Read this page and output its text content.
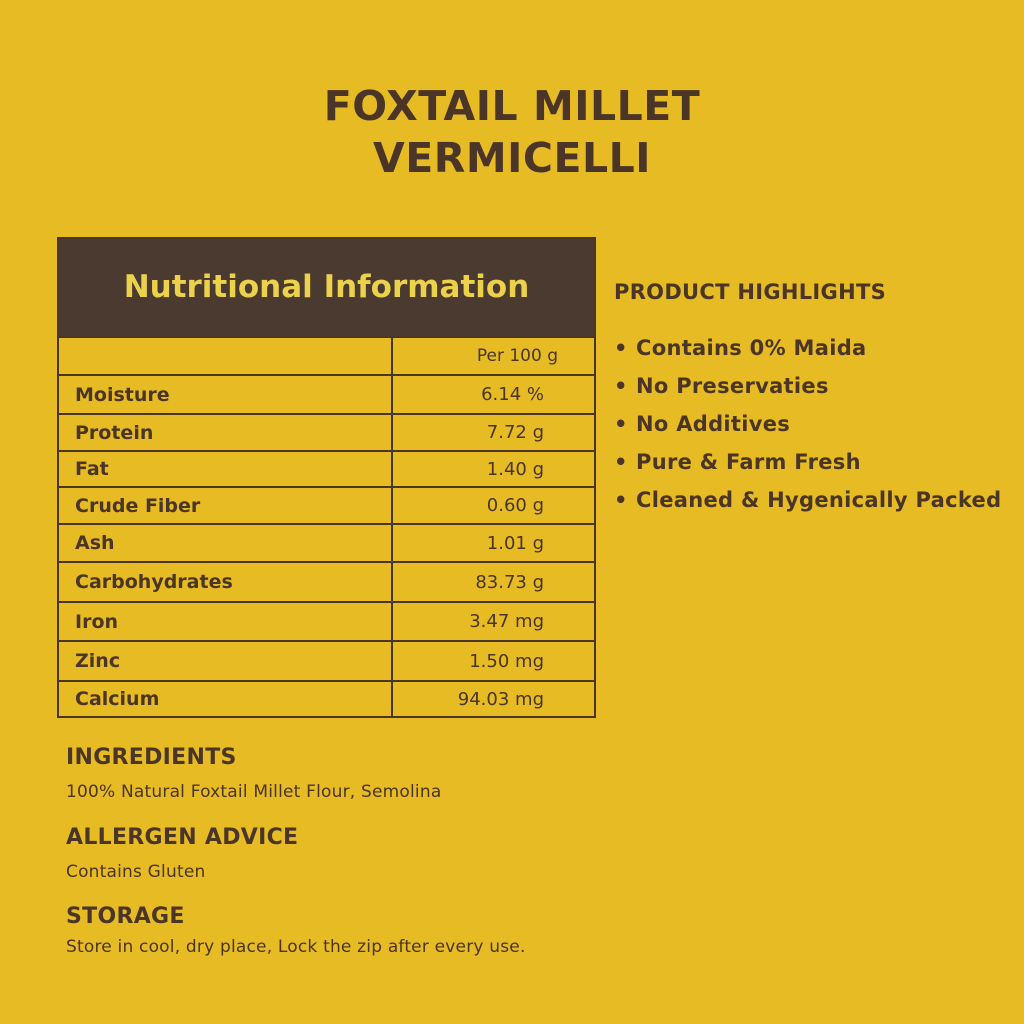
FOXTAIL MILLET
VERMICELLI
Nutritional Information
Per 100 g
Moisture	6.14 %
Protein	7.72 g
Fat	1.40 g
Crude Fiber	0.60 g
Ash	1.01 g
Carbohydrates	83.73 g
Iron	3.47 mg
Zinc	1.50 mg
Calcium	94.03 mg
PRODUCT HIGHLIGHTS
• Contains 0% Maida
• No Preservaties
• No Additives
• Pure & Farm Fresh
• Cleaned & Hygenically Packed
INGREDIENTS
100% Natural Foxtail Millet Flour, Semolina
ALLERGEN ADVICE
Contains Gluten
STORAGE
Store in cool, dry place, Lock the zip after every use.
